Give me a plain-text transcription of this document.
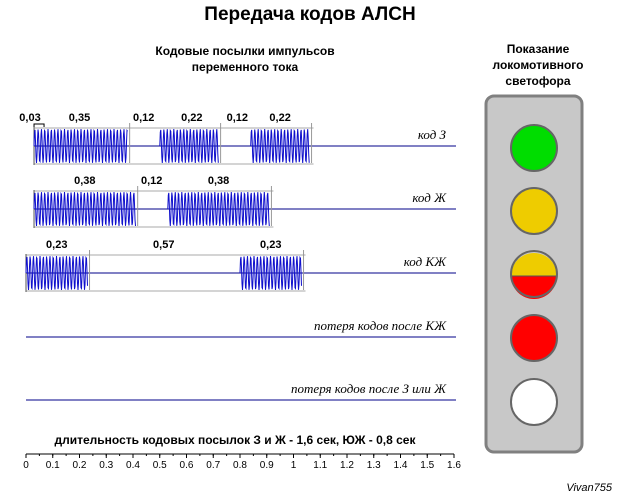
Передача кодов АЛСН
Кодовые посылки импульсов
переменного тока
Показание
локомотивного
светофора
0,03	0,35	0,12 0,22 0,12 0,22
код З
0,38	0,12	0,38
код Ж
0,23	0,57	0,23
код КЖ
потеря кодов после КЖ
потеря кодов после З или Ж
0 0.1 0.2 0.3 0.4 0.5 0.6 0.7 0.8 0.9 1 1.1 1.2 1.3 1.4 1.5 1.6
длительность кодовых посылок З и Ж - 1,6 сек, ЮЖ - 0,8 сек
Vivan755
